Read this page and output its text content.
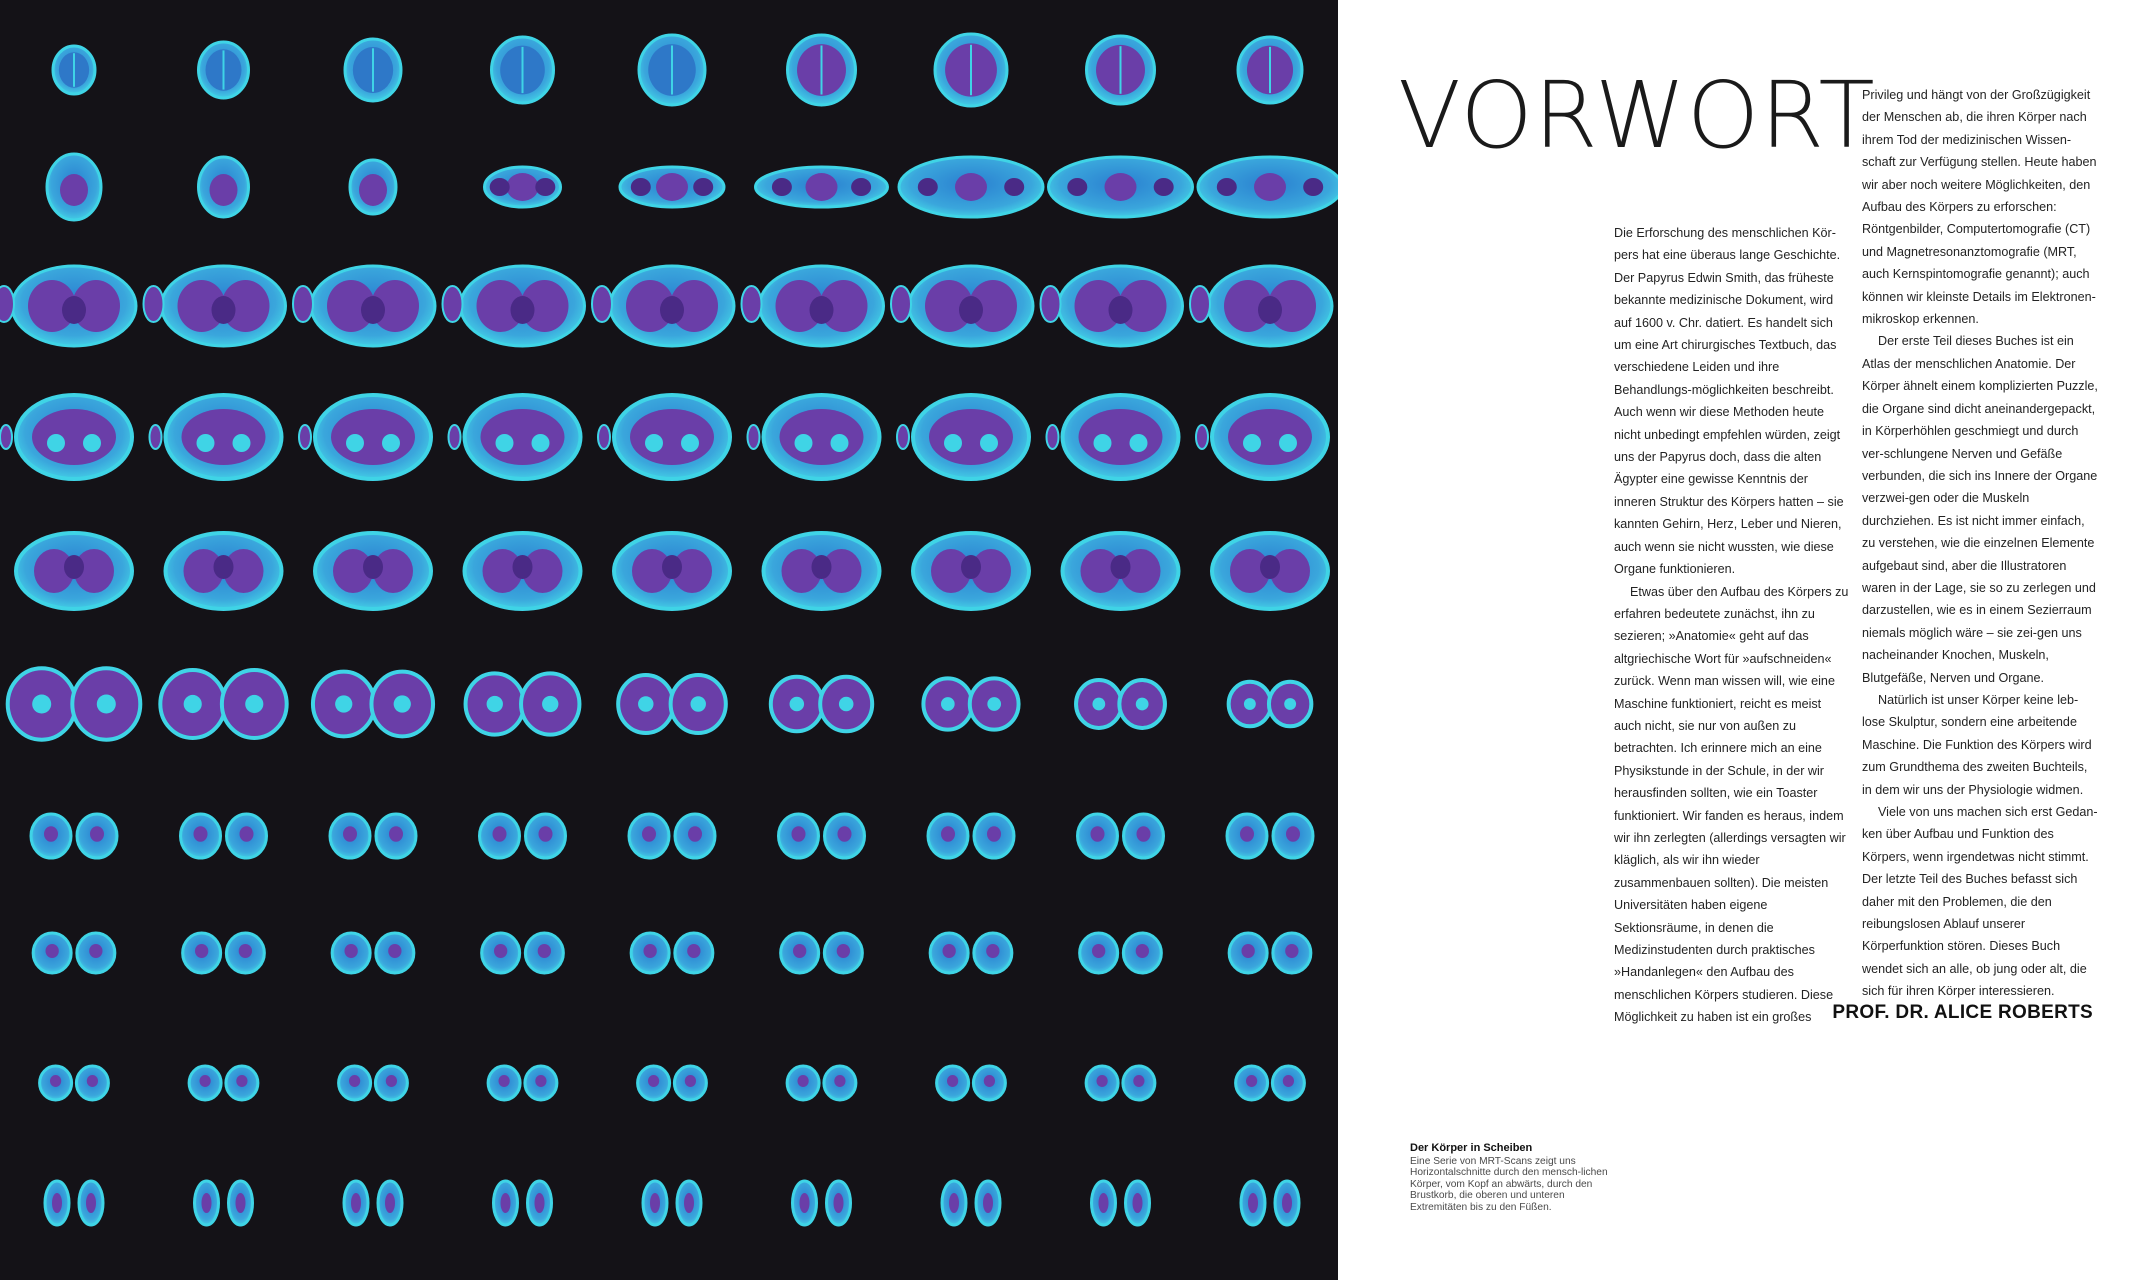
VORWORT

Die Erforschung des menschlichen Kör-pers hat eine überaus lange Geschichte. Der Papyrus Edwin Smith, das früheste bekannte medizinische Dokument, wird auf 1600 v. Chr. datiert. Es handelt sich um eine Art chirurgisches Textbuch, das verschiedene Leiden und ihre Behandlungs-möglichkeiten beschreibt. Auch wenn wir diese Methoden heute nicht unbedingt empfehlen würden, zeigt uns der Papyrus doch, dass die alten Ägypter eine gewisse Kenntnis der inneren Struktur des Körpers hatten – sie kannten Gehirn, Herz, Leber und Nieren, auch wenn sie nicht wussten, wie diese Organe funktionieren.

Etwas über den Aufbau des Körpers zu erfahren bedeutete zunächst, ihn zu sezieren; »Anatomie« geht auf das altgriechische Wort für »aufschneiden« zurück. Wenn man wissen will, wie eine Maschine funktioniert, reicht es meist auch nicht, sie nur von außen zu betrachten. Ich erinnere mich an eine Physikstunde in der Schule, in der wir herausfinden sollten, wie ein Toaster funktioniert. Wir fanden es heraus, indem wir ihn zerlegten (allerdings versagten wir kläglich, als wir ihn wieder zusammenbauen sollten). Die meisten Universitäten haben eigene Sektionsräume, in denen die Medizinstudenten durch praktisches »Handanlegen« den Aufbau des menschlichen Körpers studieren. Diese Möglichkeit zu haben ist ein großes

Privileg und hängt von der Großzügigkeit der Menschen ab, die ihren Körper nach ihrem Tod der medizinischen Wissen-schaft zur Verfügung stellen. Heute haben wir aber noch weitere Möglichkeiten, den Aufbau des Körpers zu erforschen: Röntgenbilder, Computertomografie (CT) und Magnetresonanztomografie (MRT, auch Kernspintomografie genannt); auch können wir kleinste Details im Elektronen-mikroskop erkennen.

Der erste Teil dieses Buches ist ein Atlas der menschlichen Anatomie. Der Körper ähnelt einem komplizierten Puzzle, die Organe sind dicht aneinandergepackt, in Körperhöhlen geschmiegt und durch ver-schlungene Nerven und Gefäße verbunden, die sich ins Innere der Organe verzwei-gen oder die Muskeln durchziehen. Es ist nicht immer einfach, zu verstehen, wie die einzelnen Elemente aufgebaut sind, aber die Illustratoren waren in der Lage, sie so zu zerlegen und darzustellen, wie es in einem Sezierraum niemals möglich wäre – sie zei-gen uns nacheinander Knochen, Muskeln, Blutgefäße, Nerven und Organe.

Natürlich ist unser Körper keine leb-lose Skulptur, sondern eine arbeitende Maschine. Die Funktion des Körpers wird zum Grundthema des zweiten Buchteils, in dem wir uns der Physiologie widmen.

Viele von uns machen sich erst Gedan-ken über Aufbau und Funktion des Körpers, wenn irgendetwas nicht stimmt. Der letzte Teil des Buches befasst sich daher mit den Problemen, die den reibungslosen Ablauf unserer Körperfunktion stören. Dieses Buch wendet sich an alle, ob jung oder alt, die sich für ihren Körper interessieren.

PROF. DR. ALICE ROBERTS
Der Körper in Scheiben
Eine Serie von MRT-Scans zeigt uns Horizontalschnitte durch den mensch-lichen Körper, vom Kopf an abwärts, durch den Brustkorb, die oberen und unteren Extremitäten bis zu den Füßen.
